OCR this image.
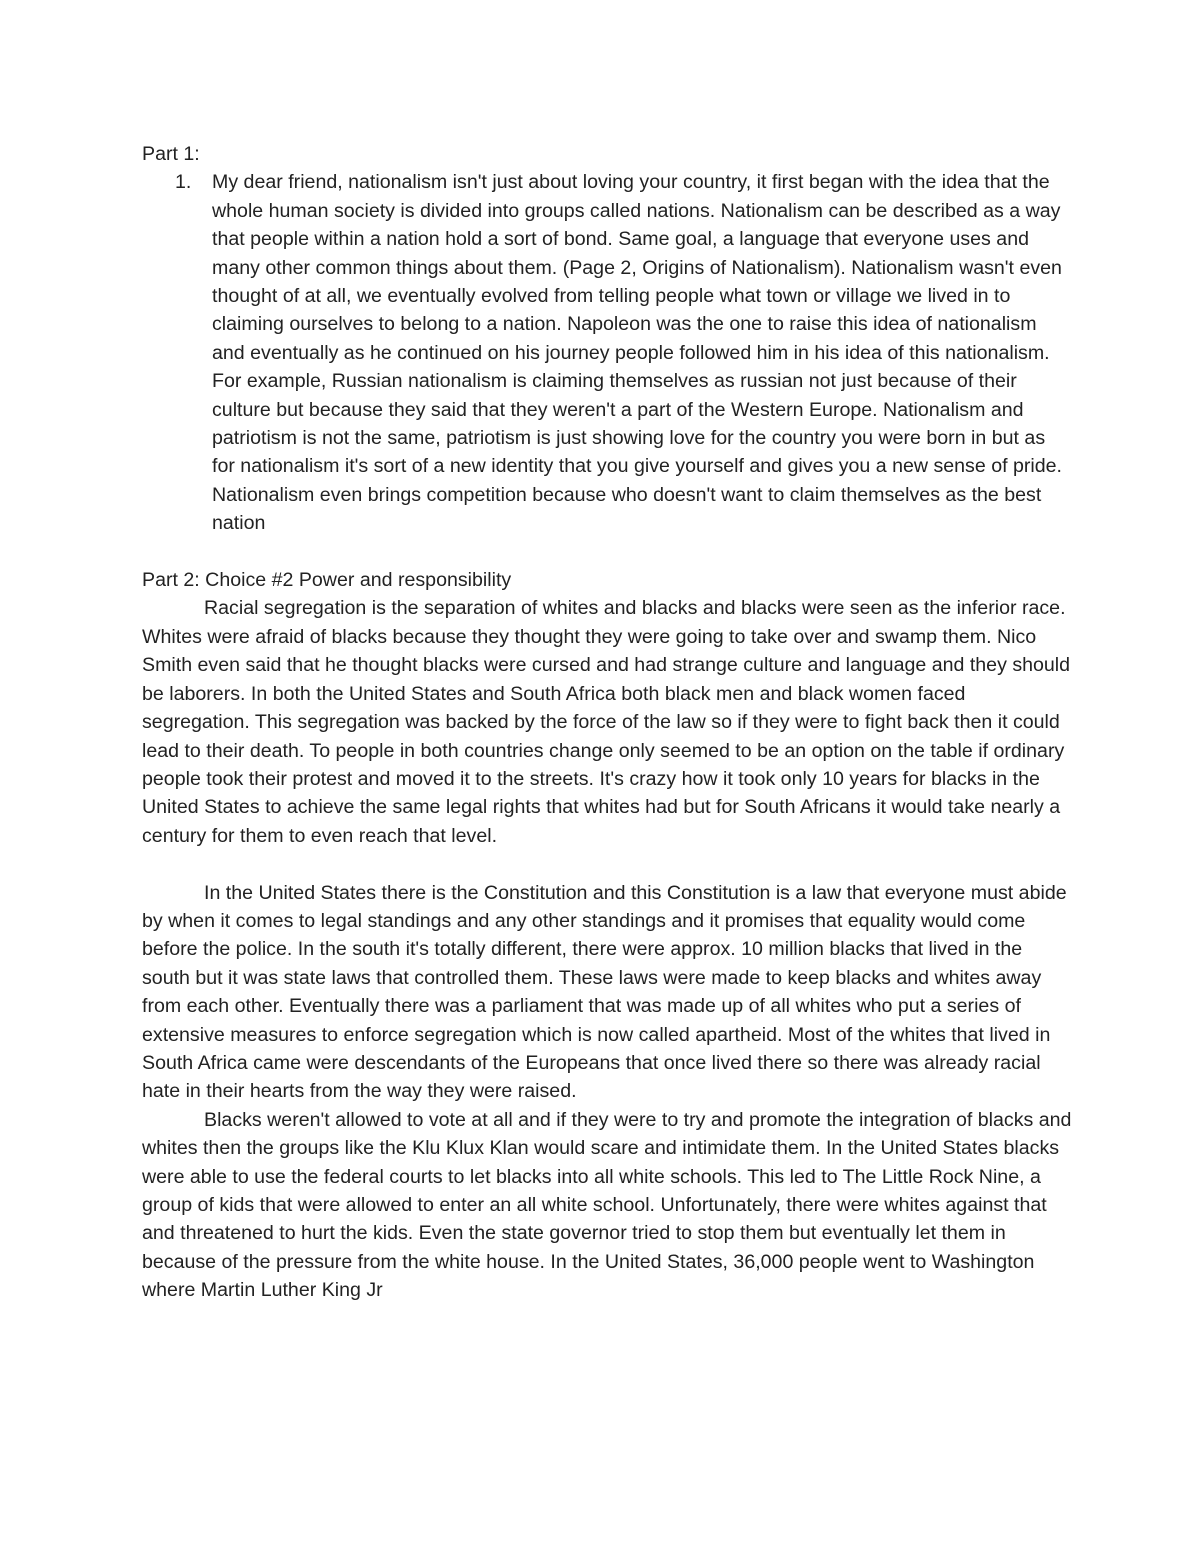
Part 1:
1. My dear friend, nationalism isn't just about loving your country, it first began with the idea that the whole human society is divided into groups called nations. Nationalism can be described as a way that people within a nation hold a sort of bond. Same goal, a language that everyone uses and many other common things about them. (Page 2, Origins of Nationalism). Nationalism wasn't even thought of at all, we eventually evolved from telling people what town or village we lived in to claiming ourselves to belong to a nation. Napoleon was the one to raise this idea of nationalism and eventually as he continued on his journey people followed him in his idea of this nationalism. For example, Russian nationalism is claiming themselves as russian not just because of their culture but because they said that they weren't a part of the Western Europe. Nationalism and patriotism is not the same, patriotism is just showing love for the country you were born in but as for nationalism it's sort of a new identity that you give yourself and gives you a new sense of pride. Nationalism even brings competition because who doesn't want to claim themselves as the best nation
Part 2: Choice #2 Power and responsibility

Racial segregation is the separation of whites and blacks and blacks were seen as the inferior race. Whites were afraid of blacks because they thought they were going to take over and swamp them. Nico Smith even said that he thought blacks were cursed and had strange culture and language and they should be laborers. In both the United States and South Africa both black men and black women faced segregation. This segregation was backed by the force of the law so if they were to fight back then it could lead to their death. To people in both countries change only seemed to be an option on the table if ordinary people took their protest and moved it to the streets. It's crazy how it took only 10 years for blacks in the United States to achieve the same legal rights that whites had but for South Africans it would take nearly a century for them to even reach that level.

In the United States there is the Constitution and this Constitution is a law that everyone must abide by when it comes to legal standings and any other standings and it promises that equality would come before the police. In the south it's totally different, there were approx. 10 million blacks that lived in the south but it was state laws that controlled them. These laws were made to keep blacks and whites away from each other. Eventually there was a parliament that was made up of all whites who put a series of extensive measures to enforce segregation which is now called apartheid. Most of the whites that lived in South Africa came were descendants of the Europeans that once lived there so there was already racial hate in their hearts from the way they were raised.

Blacks weren't allowed to vote at all and if they were to try and promote the integration of blacks and whites then the groups like the Klu Klux Klan would scare and intimidate them. In the United States blacks were able to use the federal courts to let blacks into all white schools. This led to The Little Rock Nine, a group of kids that were allowed to enter an all white school. Unfortunately, there were whites against that and threatened to hurt the kids. Even the state governor tried to stop them but eventually let them in because of the pressure from the white house. In the United States, 36,000 people went to Washington where Martin Luther King Jr
